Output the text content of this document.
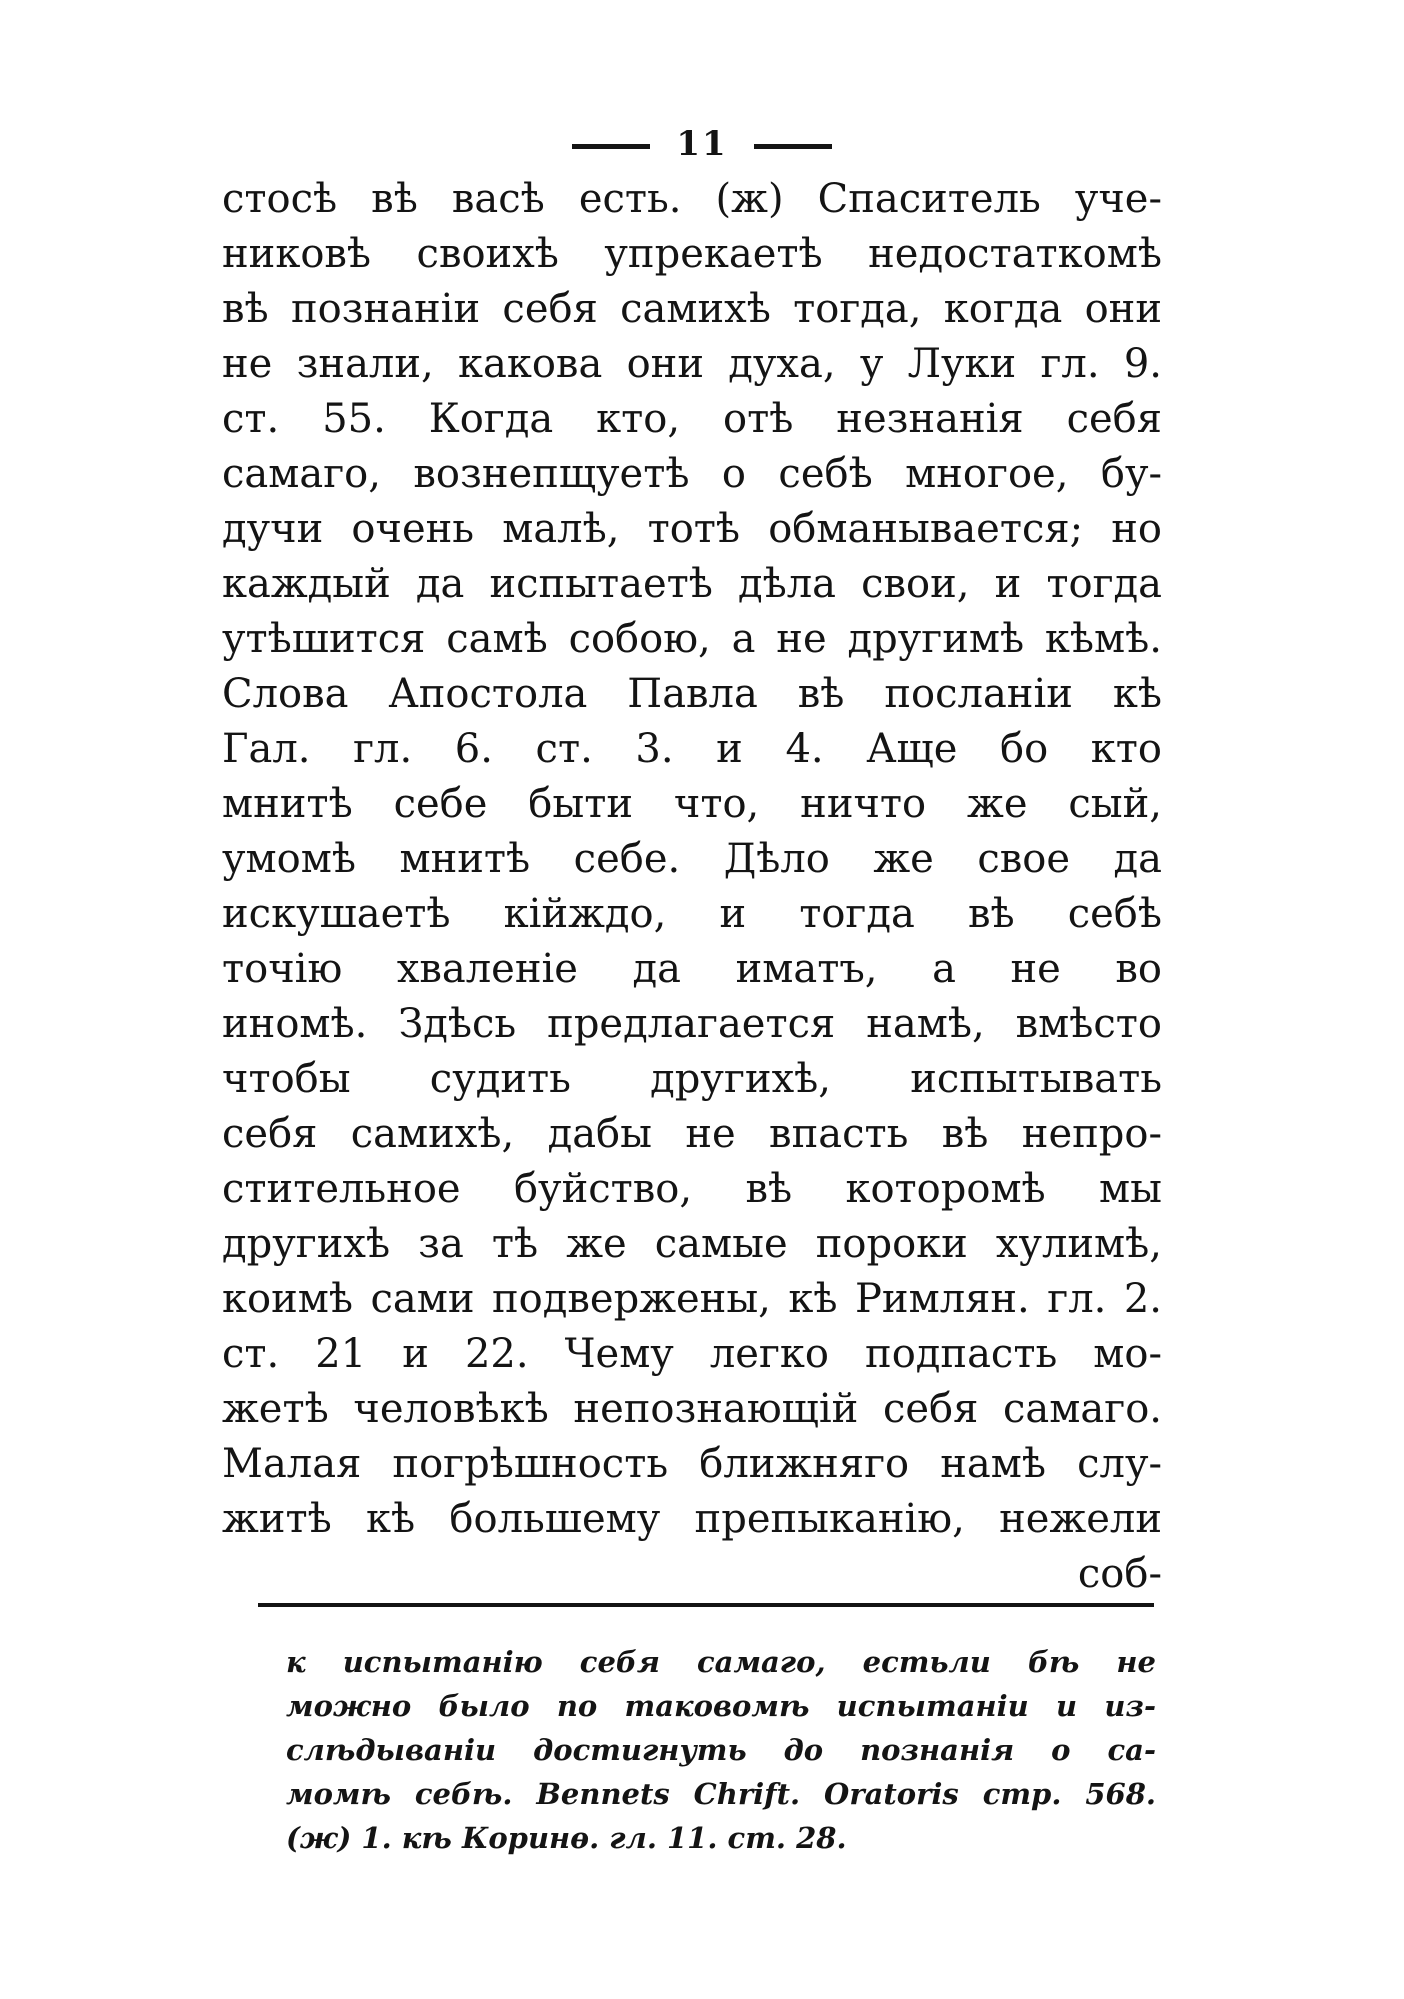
11
стосѣ вѣ васѣ есть. (ж) Спаситель уче-
никовѣ своихѣ упрекаетѣ недостаткомѣ
вѣ познаніи себя самихѣ тогда, когда они
не знали, какова они духа, у Луки гл. 9.
ст. 55. Когда кто, отѣ незнанія себя
самаго, вознепщуетѣ о себѣ многое, бу-
дучи очень малѣ, тотѣ обманывается; но
каждый да испытаетѣ дѣла свои, и тогда
утѣшится самѣ собою, а не другимѣ кѣмѣ.
Слова Апостола Павла вѣ посланіи кѣ
Гал. гл. 6. ст. 3. и 4. Аще бо кто
мнитѣ себе быти что, ничто же сый,
умомѣ мнитѣ себе. Дѣло же свое да
искушаетѣ кійждо, и тогда вѣ себѣ
точію хваленіе да иматъ, а не во
иномѣ. Здѣсь предлагается намѣ, вмѣсто
чтобы судить другихѣ, испытывать
себя самихѣ, дабы не впасть вѣ непро-
стительное буйство, вѣ которомѣ мы
другихѣ за тѣ же самые пороки хулимѣ,
коимѣ сами подвержены, кѣ Римлян. гл. 2.
ст. 21 и 22. Чему легко подпасть мо-
жетѣ человѣкѣ непознающій себя самаго.
Малая погрѣшность ближняго намѣ слу-
житѣ кѣ большему препыканію, нежели
соб-
к испытанію себя самаго, естьли бѣ не
можно было по таковомѣ испытаніи и из-
слѣдываніи достигнуть до познанія о са-
момѣ себѣ. Bennets Chrift. Oratoris стр. 568.
(ж) 1. кѣ Коринѳ. гл. 11. ст. 28.
